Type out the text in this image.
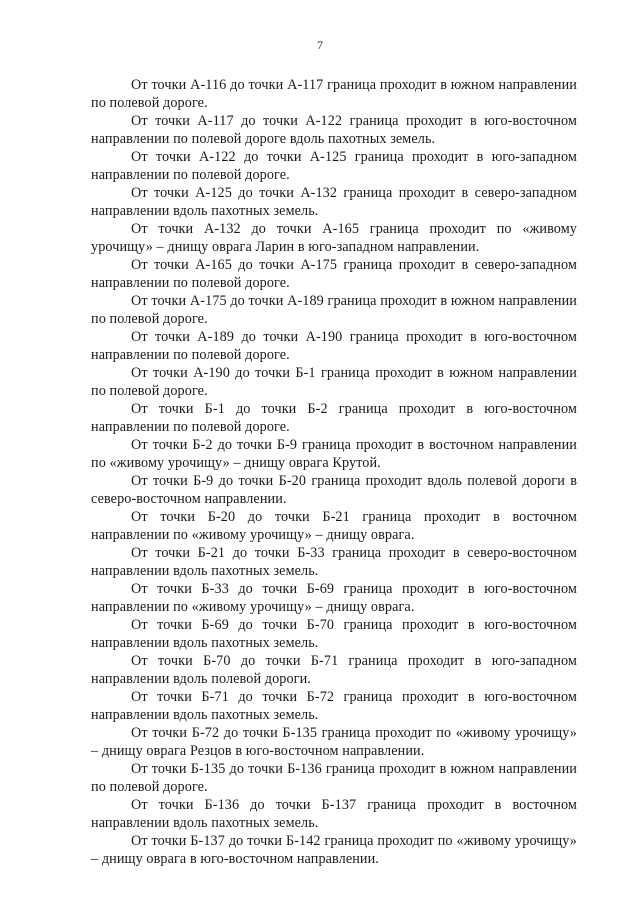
7

От точки А-116 до точки А-117 граница проходит в южном направлении по полевой дороге.

От точки А-117 до точки А-122 граница проходит в юго-восточном направлении по полевой дороге вдоль пахотных земель.

От точки А-122 до точки А-125 граница проходит в юго-западном направлении по полевой дороге.

От точки А-125 до точки А-132 граница проходит в северо-западном направлении вдоль пахотных земель.

От точки А-132 до точки А-165 граница проходит по «живому урочищу» – днищу оврага Ларин в юго-западном направлении.

От точки А-165 до точки А-175 граница проходит в северо-западном направлении по полевой дороге.

От точки А-175 до точки А-189 граница проходит в южном направлении по полевой дороге.

От точки А-189 до точки А-190 граница проходит в юго-восточном направлении по полевой дороге.

От точки А-190 до точки Б-1 граница проходит в южном направлении по полевой дороге.

От точки Б-1 до точки Б-2 граница проходит в юго-восточном направлении по полевой дороге.

От точки Б-2 до точки Б-9 граница проходит в восточном направлении по «живому урочищу» – днищу оврага Крутой.

От точки Б-9 до точки Б-20 граница проходит вдоль полевой дороги в северо-восточном направлении.

От точки Б-20 до точки Б-21 граница проходит в восточном направлении по «живому урочищу» – днищу оврага.

От точки Б-21 до точки Б-33 граница проходит в северо-восточном направлении вдоль пахотных земель.

От точки Б-33 до точки Б-69 граница проходит в юго-восточном направлении по «живому урочищу» – днищу оврага.

От точки Б-69 до точки Б-70 граница проходит в юго-восточном направлении вдоль пахотных земель.

От точки Б-70 до точки Б-71 граница проходит в юго-западном направлении вдоль полевой дороги.

От точки Б-71 до точки Б-72 граница проходит в юго-восточном направлении вдоль пахотных земель.

От точки Б-72 до точки Б-135 граница проходит по «живому урочищу» – днищу оврага Резцов в юго-восточном направлении.

От точки Б-135 до точки Б-136 граница проходит в южном направлении по полевой дороге.

От точки Б-136 до точки Б-137 граница проходит в восточном направлении вдоль пахотных земель.

От точки Б-137 до точки Б-142 граница проходит по «живому урочищу» – днищу оврага в юго-восточном направлении.
